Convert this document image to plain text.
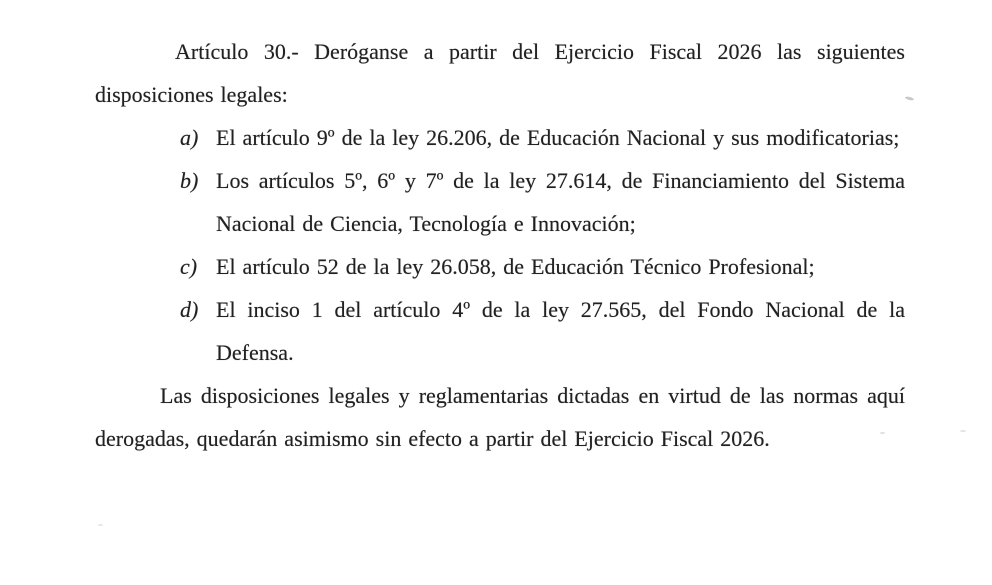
Artículo 30.- Deróganse a partir del Ejercicio Fiscal 2026 las siguientes disposiciones legales:

a) El artículo 9º de la ley 26.206, de Educación Nacional y sus modificatorias;
b) Los artículos 5º, 6º y 7º de la ley 27.614, de Financiamiento del Sistema Nacional de Ciencia, Tecnología e Innovación;
c) El artículo 52 de la ley 26.058, de Educación Técnico Profesional;
d) El inciso 1 del artículo 4º de la ley 27.565, del Fondo Nacional de la Defensa.

Las disposiciones legales y reglamentarias dictadas en virtud de las normas aquí derogadas, quedarán asimismo sin efecto a partir del Ejercicio Fiscal 2026.
